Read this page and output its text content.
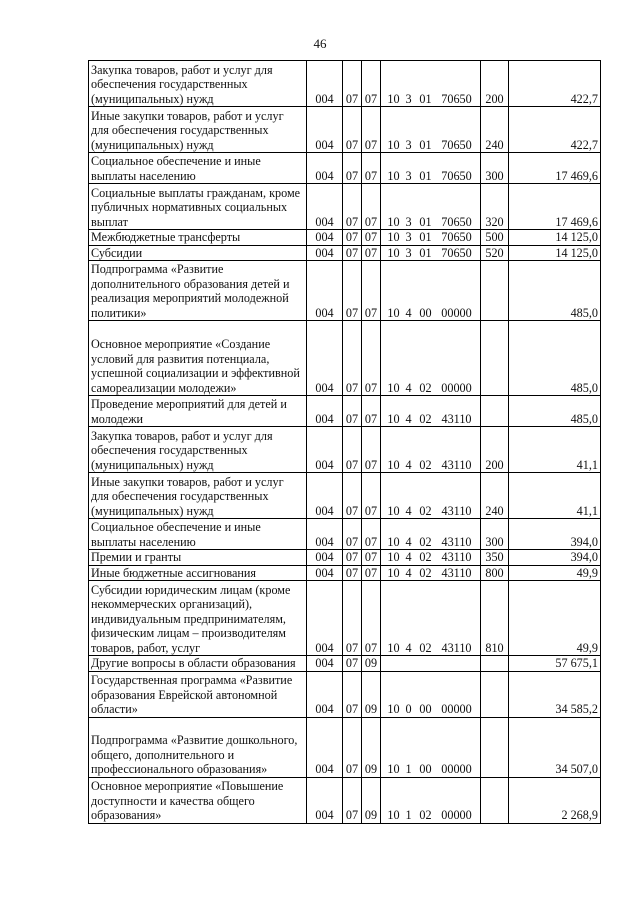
46
Закупка товаров, работ и услуг для обеспечения государственных (муниципальных) нужд	004	07	07	10 3 01 70650	200	422,7
Иные закупки товаров, работ и услуг для обеспечения государственных (муниципальных) нужд	004	07	07	10 3 01 70650	240	422,7
Социальное обеспечение и иные выплаты населению	004	07	07	10 3 01 70650	300	17 469,6
Социальные выплаты гражданам, кроме публичных нормативных социальных выплат	004	07	07	10 3 01 70650	320	17 469,6
Межбюджетные трансферты	004	07	07	10 3 01 70650	500	14 125,0
Субсидии	004	07	07	10 3 01 70650	520	14 125,0
Подпрограмма «Развитие дополнительного образования детей и реализация мероприятий молодежной политики»	004	07	07	10 4 00 00000		485,0
Основное мероприятие «Создание условий для развития потенциала, успешной социализации и эффективной самореализации молодежи»	004	07	07	10 4 02 00000		485,0
Проведение мероприятий для детей и молодежи	004	07	07	10 4 02 43110		485,0
Закупка товаров, работ и услуг для обеспечения государственных (муниципальных) нужд	004	07	07	10 4 02 43110	200	41,1
Иные закупки товаров, работ и услуг для обеспечения государственных (муниципальных) нужд	004	07	07	10 4 02 43110	240	41,1
Социальное обеспечение и иные выплаты населению	004	07	07	10 4 02 43110	300	394,0
Премии и гранты	004	07	07	10 4 02 43110	350	394,0
Иные бюджетные ассигнования	004	07	07	10 4 02 43110	800	49,9
Субсидии юридическим лицам (кроме некоммерческих организаций), индивидуальным предпринимателям, физическим лицам – производителям товаров, работ, услуг	004	07	07	10 4 02 43110	810	49,9
Другие вопросы в области образования	004	07	09			57 675,1
Государственная программа «Развитие образования Еврейской автономной области»	004	07	09	10 0 00 00000		34 585,2
Подпрограмма «Развитие дошкольного, общего, дополнительного и профессионального образования»	004	07	09	10 1 00 00000		34 507,0
Основное мероприятие «Повышение доступности и качества общего образования»	004	07	09	10 1 02 00000		2 268,9
